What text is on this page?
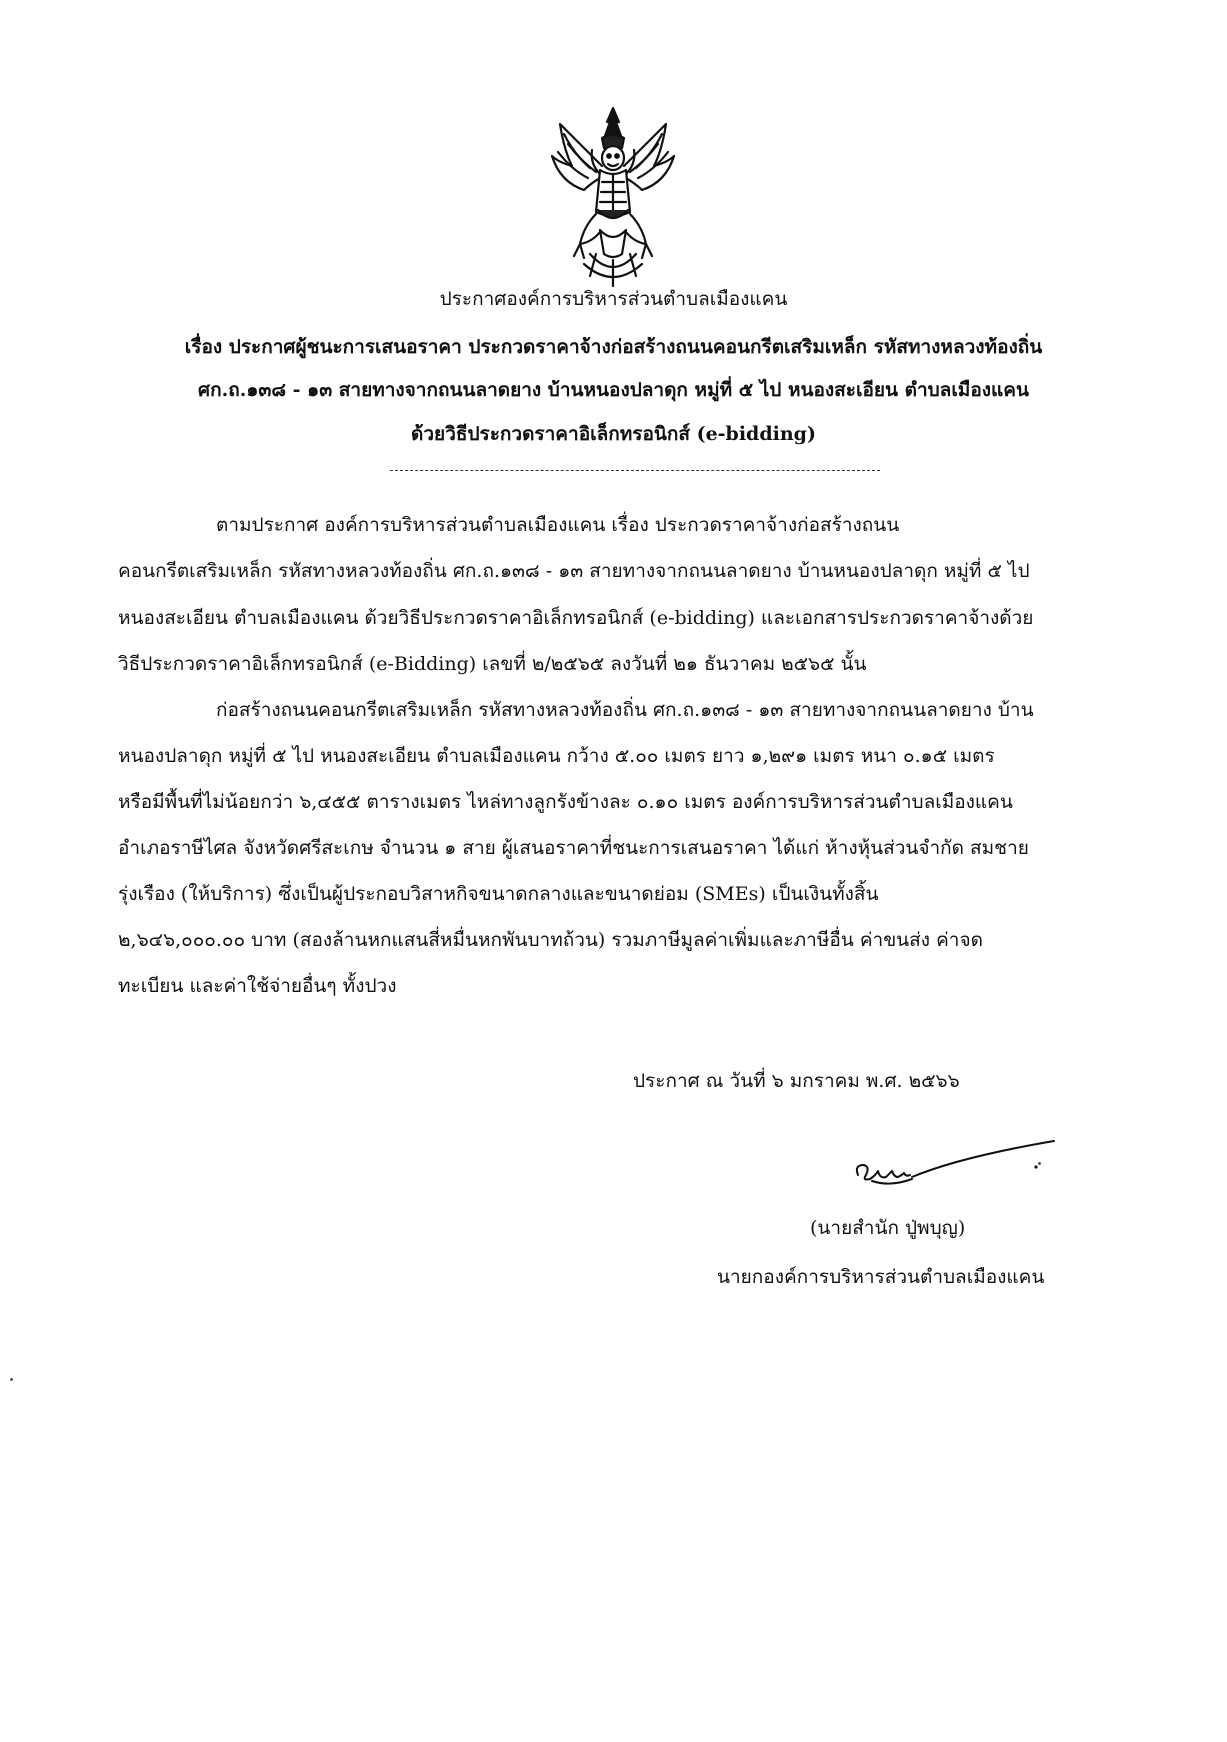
ประกาศองค์การบริหารส่วนตำบลเมืองแคน
เรื่อง ประกาศผู้ชนะการเสนอราคา ประกวดราคาจ้างก่อสร้างถนนคอนกรีตเสริมเหล็ก รหัสทางหลวงท้องถิ่น
ศก.ถ.๑๓๘ - ๑๓ สายทางจากถนนลาดยาง บ้านหนองปลาดุก หมู่ที่ ๕ ไป หนองสะเอียน ตำบลเมืองแคน
ด้วยวิธีประกวดราคาอิเล็กทรอนิกส์ (e-bidding)
ตามประกาศ องค์การบริหารส่วนตำบลเมืองแคน เรื่อง ประกวดราคาจ้างก่อสร้างถนน
คอนกรีตเสริมเหล็ก รหัสทางหลวงท้องถิ่น ศก.ถ.๑๓๘ - ๑๓ สายทางจากถนนลาดยาง บ้านหนองปลาดุก หมู่ที่ ๕ ไป
หนองสะเอียน ตำบลเมืองแคน ด้วยวิธีประกวดราคาอิเล็กทรอนิกส์ (e-bidding) และเอกสารประกวดราคาจ้างด้วย
วิธีประกวดราคาอิเล็กทรอนิกส์ (e-Bidding) เลขที่ ๒/๒๕๖๕ ลงวันที่ ๒๑ ธันวาคม ๒๕๖๕ นั้น
ก่อสร้างถนนคอนกรีตเสริมเหล็ก รหัสทางหลวงท้องถิ่น ศก.ถ.๑๓๘ - ๑๓ สายทางจากถนนลาดยาง บ้าน
หนองปลาดุก หมู่ที่ ๕ ไป หนองสะเอียน ตำบลเมืองแคน กว้าง ๕.๐๐ เมตร ยาว ๑,๒๙๑ เมตร หนา ๐.๑๕ เมตร
หรือมีพื้นที่ไม่น้อยกว่า ๖,๔๕๕ ตารางเมตร ไหล่ทางลูกรังข้างละ ๐.๑๐ เมตร องค์การบริหารส่วนตำบลเมืองแคน
อำเภอราษีไศล จังหวัดศรีสะเกษ จำนวน ๑ สาย ผู้เสนอราคาที่ชนะการเสนอราคา ได้แก่ ห้างหุ้นส่วนจำกัด สมชาย
รุ่งเรือง (ให้บริการ) ซึ่งเป็นผู้ประกอบวิสาหกิจขนาดกลางและขนาดย่อม (SMEs) เป็นเงินทั้งสิ้น
๒,๖๔๖,๐๐๐.๐๐ บาท (สองล้านหกแสนสี่หมื่นหกพันบาทถ้วน) รวมภาษีมูลค่าเพิ่มและภาษีอื่น ค่าขนส่ง ค่าจด
ทะเบียน และค่าใช้จ่ายอื่นๆ ทั้งปวง
ประกาศ ณ วันที่ ๖ มกราคม พ.ศ. ๒๕๖๖
(นายสำนัก ปู่พบุญ)
นายกองค์การบริหารส่วนตำบลเมืองแคน
